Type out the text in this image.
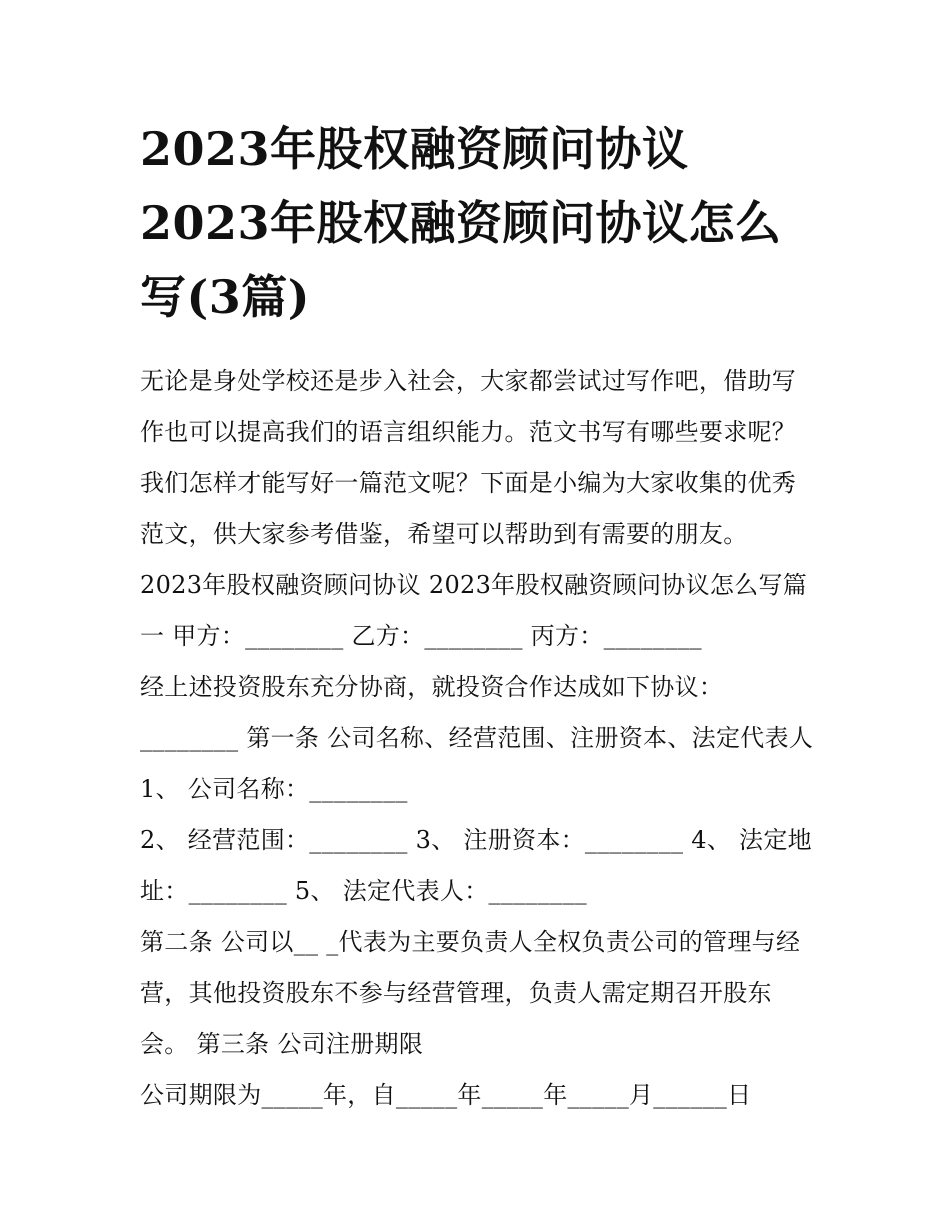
2023年股权融资顾问协议
2023年股权融资顾问协议怎么
写(3篇)

无论是身处学校还是步入社会，大家都尝试过写作吧，借助写作也可以提高我们的语言组织能力。范文书写有哪些要求呢？我们怎样才能写好一篇范文呢？下面是小编为大家收集的优秀范文，供大家参考借鉴，希望可以帮助到有需要的朋友。

2023年股权融资顾问协议 2023年股权融资顾问协议怎么写篇一 甲方：________ 乙方：________ 丙方：________

经上述投资股东充分协商，就投资合作达成如下协议：________ 第一条 公司名称、经营范围、注册资本、法定代表人 1、 公司名称：________

2、 经营范围：________ 3、 注册资本：________ 4、 法定地址：________ 5、 法定代表人：________

第二条 公司以__ _代表为主要负责人全权负责公司的管理与经营，其他投资股东不参与经营管理，负责人需定期召开股东会。 第三条 公司注册期限

公司期限为_____年，自_____年_____年_____月______日
